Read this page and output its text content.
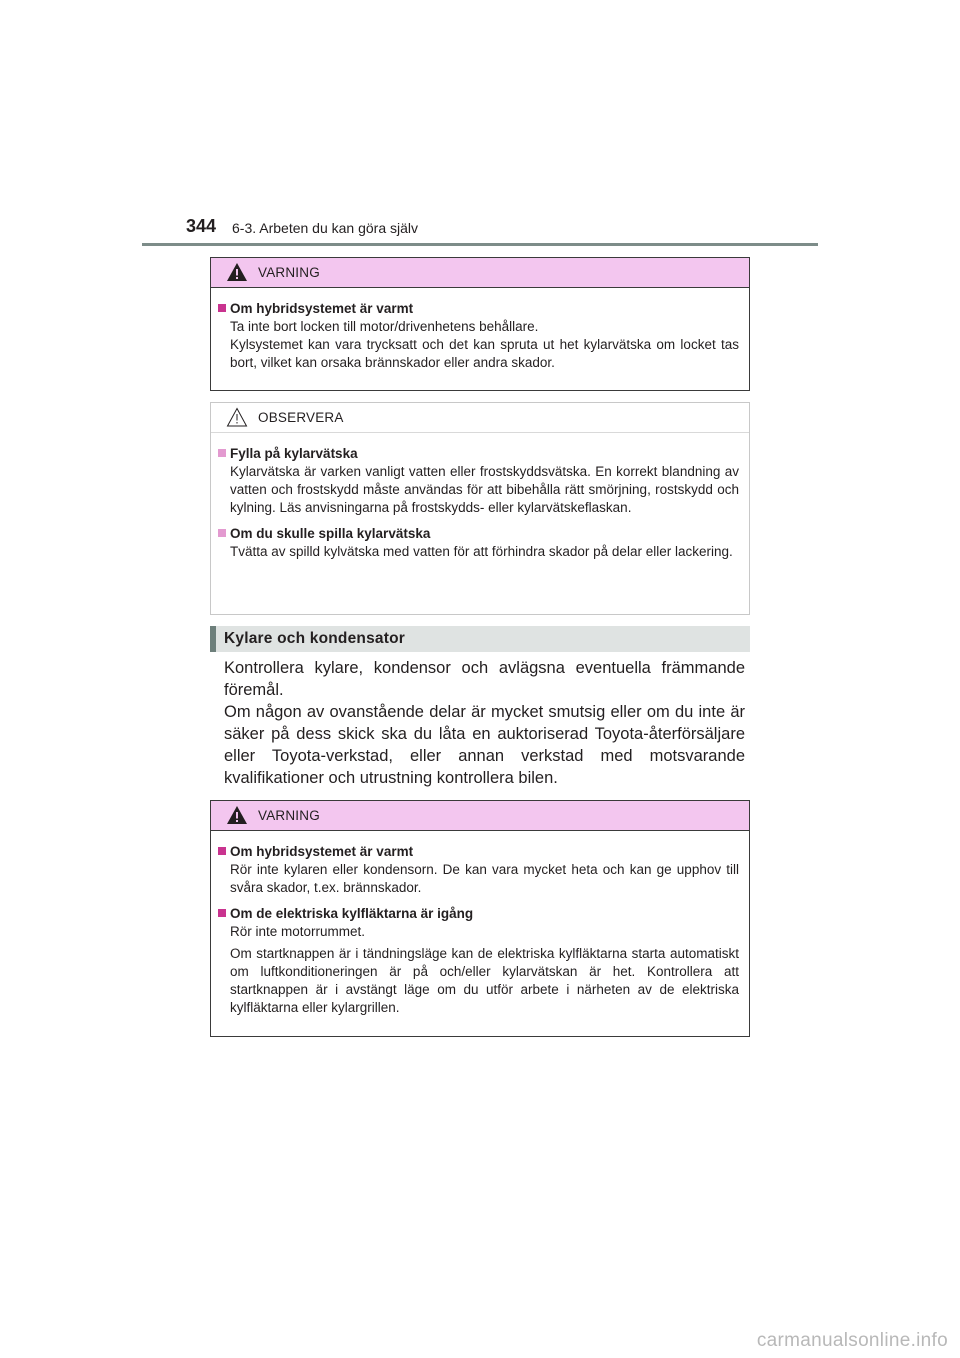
344 6-3. Arbeten du kan göra själv
VARNING
Om hybridsystemet är varmt
Ta inte bort locken till motor/drivenhetens behållare.
Kylsystemet kan vara trycksatt och det kan spruta ut het kylarvätska om locket tas bort, vilket kan orsaka brännskador eller andra skador.
OBSERVERA
Fylla på kylarvätska
Kylarvätska är varken vanligt vatten eller frostskyddsvätska. En korrekt blandning av vatten och frostskydd måste användas för att bibehålla rätt smörjning, rostskydd och kylning. Läs anvisningarna på frostskydds- eller kylarvätskeflaskan.
Om du skulle spilla kylarvätska
Tvätta av spilld kylvätska med vatten för att förhindra skador på delar eller lackering.
Kylare och kondensator

Kontrollera kylare, kondensor och avlägsna eventuella främmande föremål.

Om någon av ovanstående delar är mycket smutsig eller om du inte är säker på dess skick ska du låta en auktoriserad Toyota-återförsäljare eller Toyota-verkstad, eller annan verkstad med motsvarande kvalifikationer och utrustning kontrollera bilen.

VARNING
Om hybridsystemet är varmt
Rör inte kylaren eller kondensorn. De kan vara mycket heta och kan ge upphov till svåra skador, t.ex. brännskador.
Om de elektriska kylfläktarna är igång
Rör inte motorrummet.
Om startknappen är i tändningsläge kan de elektriska kylfläktarna starta automatiskt om luftkonditioneringen är på och/eller kylarvätskan är het. Kontrollera att startknappen är i avstängt läge om du utför arbete i närheten av de elektriska kylfläktarna eller kylargrillen.
carmanualsonline.info
